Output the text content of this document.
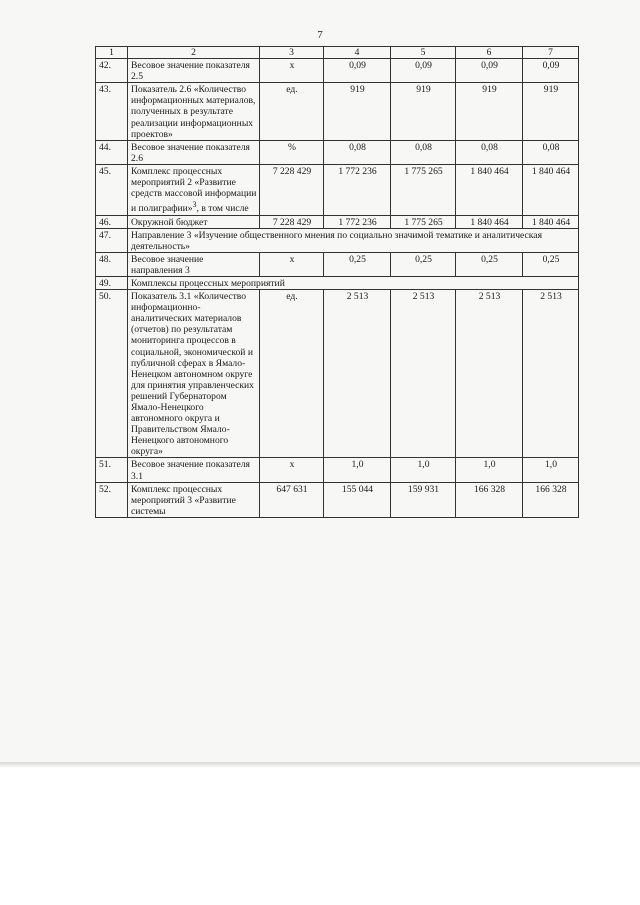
7
1	2	3	4	5	6	7
42.	Весовое значение показателя 2.5	х	0,09	0,09	0,09	0,09
43.	Показатель 2.6 «Количество информационных материалов, полученных в результате реализации информационных проектов»	ед.	919	919	919	919
44.	Весовое значение показателя 2.6	%	0,08	0,08	0,08	0,08
45.	Комплекс процессных мероприятий 2 «Развитие средств массовой информации и полиграфии»$^3$, в том числе	7 228 429	1 772 236	1 775 265	1 840 464	1 840 464
46.	Окружной бюджет	7 228 429	1 772 236	1 775 265	1 840 464	1 840 464
47.	Направление 3 «Изучение общественного мнения по социально значимой тематике и аналитическая деятельность»					
48.	Весовое значение направления 3	х	0,25	0,25	0,25	0,25
49.	Комплексы процессных мероприятий					
50.	Показатель 3.1 «Количество информационно-аналитических материалов (отчетов) по результатам мониторинга процессов в социальной, экономической и публичной сферах в Ямало-Ненецком автономном округе для принятия управленческих решений Губернатором Ямало-Ненецкого автономного округа и Правительством Ямало-Ненецкого автономного округа»	ед.	2 513	2 513	2 513	2 513
51.	Весовое значение показателя 3.1	х	1,0	1,0	1,0	1,0
52.	Комплекс процессных мероприятий 3 «Развитие системы	647 631	155 044	159 931	166 328	166 328
